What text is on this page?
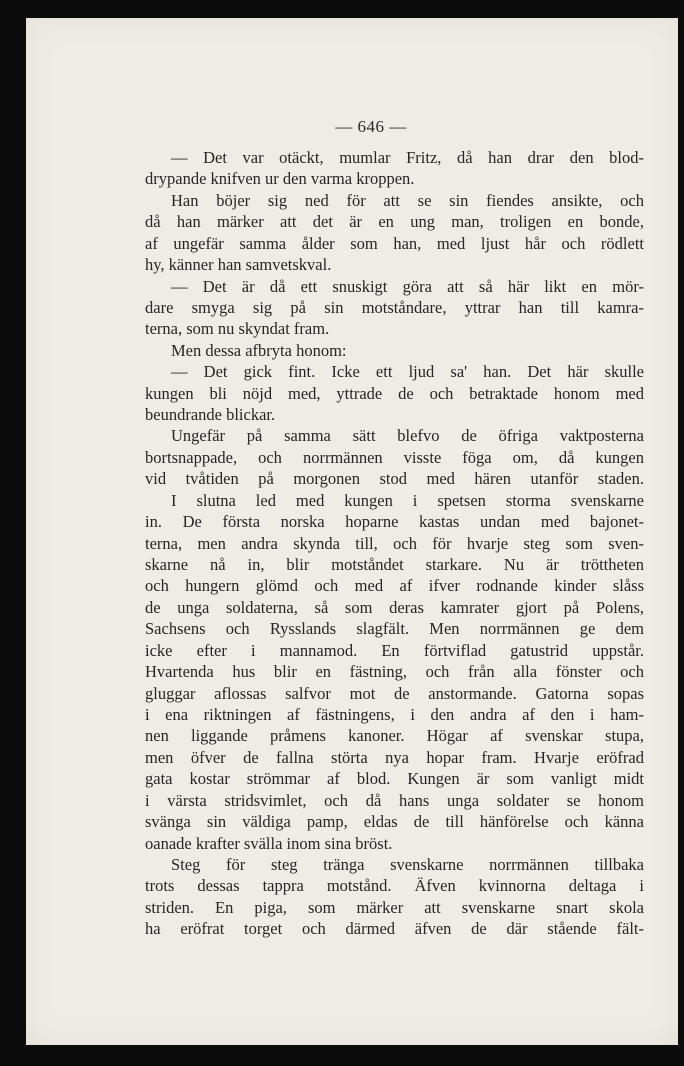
— 646 —
— Det var otäckt, mumlar Fritz, då han drar den blod-
drypande knifven ur den varma kroppen.
Han böjer sig ned för att se sin fiendes ansikte, och
då han märker att det är en ung man, troligen en bonde,
af ungefär samma ålder som han, med ljust hår och rödlett
hy, känner han samvetskval.
— Det är då ett snuskigt göra att så här likt en mör-
dare smyga sig på sin motståndare, yttrar han till kamra-
terna, som nu skyndat fram.
Men dessa afbryta honom:
— Det gick fint. Icke ett ljud sa' han. Det här skulle
kungen bli nöjd med, yttrade de och betraktade honom med
beundrande blickar.
Ungefär på samma sätt blefvo de öfriga vaktposterna
bortsnappade, och norrmännen visste föga om, då kungen
vid tvåtiden på morgonen stod med hären utanför staden.
I slutna led med kungen i spetsen storma svenskarne
in. De första norska hoparne kastas undan med bajonet-
terna, men andra skynda till, och för hvarje steg som sven-
skarne nå in, blir motståndet starkare. Nu är tröttheten
och hungern glömd och med af ifver rodnande kinder slåss
de unga soldaterna, så som deras kamrater gjort på Polens,
Sachsens och Rysslands slagfält. Men norrmännen ge dem
icke efter i mannamod. En förtviflad gatustrid uppstår.
Hvartenda hus blir en fästning, och från alla fönster och
gluggar aflossas salfvor mot de anstormande. Gatorna sopas
i ena riktningen af fästningens, i den andra af den i ham-
nen liggande pråmens kanoner. Högar af svenskar stupa,
men öfver de fallna störta nya hopar fram. Hvarje eröfrad
gata kostar strömmar af blod. Kungen är som vanligt midt
i värsta stridsvimlet, och då hans unga soldater se honom
svänga sin väldiga pamp, eldas de till hänförelse och känna
oanade krafter svälla inom sina bröst.
Steg för steg tränga svenskarne norrmännen tillbaka
trots dessas tappra motstånd. Äfven kvinnorna deltaga i
striden. En piga, som märker att svenskarne snart skola
ha eröfrat torget och därmed äfven de där stående fält-
